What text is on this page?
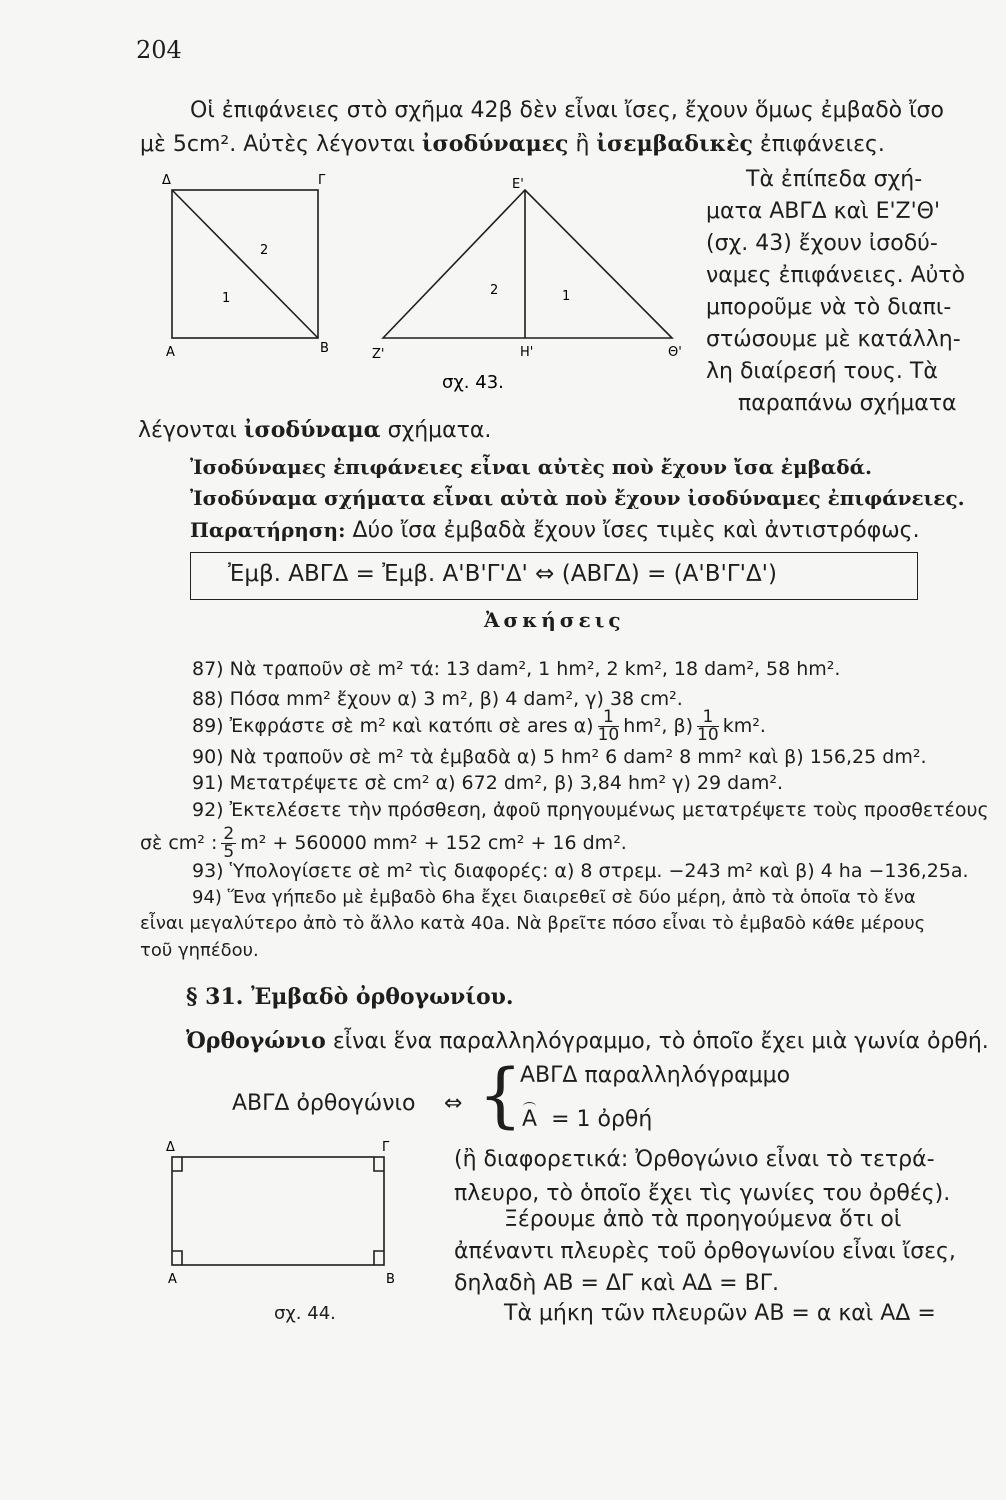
204
Οἱ ἐπιφάνειες στὸ σχῆμα 42β δὲν εἶναι ἴσες, ἔχουν ὅμως ἐμβαδὸ ἴσο
μὲ 5cm². Αὐτὲς λέγονται ἰσοδύναμες ἢ ἰσεμβαδικὲς ἐπιφάνειες.
Δ	Γ
Α	Β
1
2
Ε'
Ζ'	Η'	Θ'
2	1
σχ. 43.
Τὰ ἐπίπεδα σχή-
ματα ΑΒΓΔ καὶ Ε'Ζ'Θ'
(σχ. 43) ἔχουν ἰσοδύ-
ναμες ἐπιφάνειες. Αὐτὸ
μποροῦμε νὰ τὸ διαπι-
στώσουμε μὲ κατάλλη-
λη διαίρεσή τους. Τὰ
παραπάνω σχήματα
λέγονται ἰσοδύναμα σχήματα.
Ἰσοδύναμες ἐπιφάνειες εἶναι αὐτὲς ποὺ ἔχουν ἴσα ἐμβαδά.
Ἰσοδύναμα σχήματα εἶναι αὐτὰ ποὺ ἔχουν ἰσοδύναμες ἐπιφάνειες.
Παρατήρηση: Δύο ἴσα ἐμβαδὰ ἔχουν ἴσες τιμὲς καὶ ἀντιστρόφως.
Ἐμβ. ΑΒΓΔ = Ἐμβ. Α'Β'Γ'Δ' ⇔ (ΑΒΓΔ) = (Α'Β'Γ'Δ')
Ἀσκήσεις
87) Νὰ τραποῦν σὲ m² τά: 13 dam², 1 hm², 2 km², 18 dam², 58 hm².
88) Πόσα mm² ἔχουν α) 3 m², β) 4 dam², γ) 38 cm².
89) Ἐκφράστε σὲ m² καὶ κατόπι σὲ ares $\alpha) \frac{1}{10} hm^2$, $\beta) \frac{1}{10} km^2$.
90) Νὰ τραποῦν σὲ m² τὰ ἐμβαδὰ α) 5 hm² 6 dam² 8 mm² καὶ β) 156,25 dm².
91) Μετατρέψετε σὲ cm² α) 672 dm², β) 3,84 hm² γ) 29 dam².
92) Ἐκτελέσετε τὴν πρόσθεση, ἀφοῦ πρηγουμένως μετατρέψετε τοὺς προσθετέους
σὲ cm² : $\frac{2}{5} m^2 + 560000$ mm² + 152 cm² + 16 dm².
93) Ὑπολογίσετε σὲ m² τὶς διαφορές: α) 8 στρεμ. −243 m² καὶ β) 4 ha −136,25a.
94) Ἕνα γήπεδο μὲ ἐμβαδὸ 6ha ἔχει διαιρεθεῖ σὲ δύο μέρη, ἀπὸ τὰ ὁποῖα τὸ ἕνα
εἶναι μεγαλύτερο ἀπὸ τὸ ἄλλο κατὰ 40a. Νὰ βρεῖτε πόσο εἶναι τὸ ἐμβαδὸ κάθε μέρους
τοῦ γηπέδου.
§ 31. Ἐμβαδὸ ὀρθογωνίου.
Ὀρθογώνιο εἶναι ἕνα παραλληλόγραμμο, τὸ ὁποῖο ἔχει μιὰ γωνία ὀρθή.
ΑΒΓΔ ὀρθογώνιο ⇔ {
ΑΒΓΔ παραλληλόγραμμο
Α = 1 ὀρθή
Δ	Γ
Α	Β
σχ. 44.
(ἢ διαφορετικά: Ὀρθογώνιο εἶναι τὸ τετρά-
πλευρο, τὸ ὁποῖο ἔχει τὶς γωνίες του ὀρθές).
Ξέρουμε ἀπὸ τὰ προηγούμενα ὅτι οἱ
ἀπέναντι πλευρὲς τοῦ ὀρθογωνίου εἶναι ἴσες,
δηλαδὴ ΑΒ = ΔΓ καὶ ΑΔ = ΒΓ.
Τὰ μήκη τῶν πλευρῶν ΑΒ = α καὶ ΑΔ =
